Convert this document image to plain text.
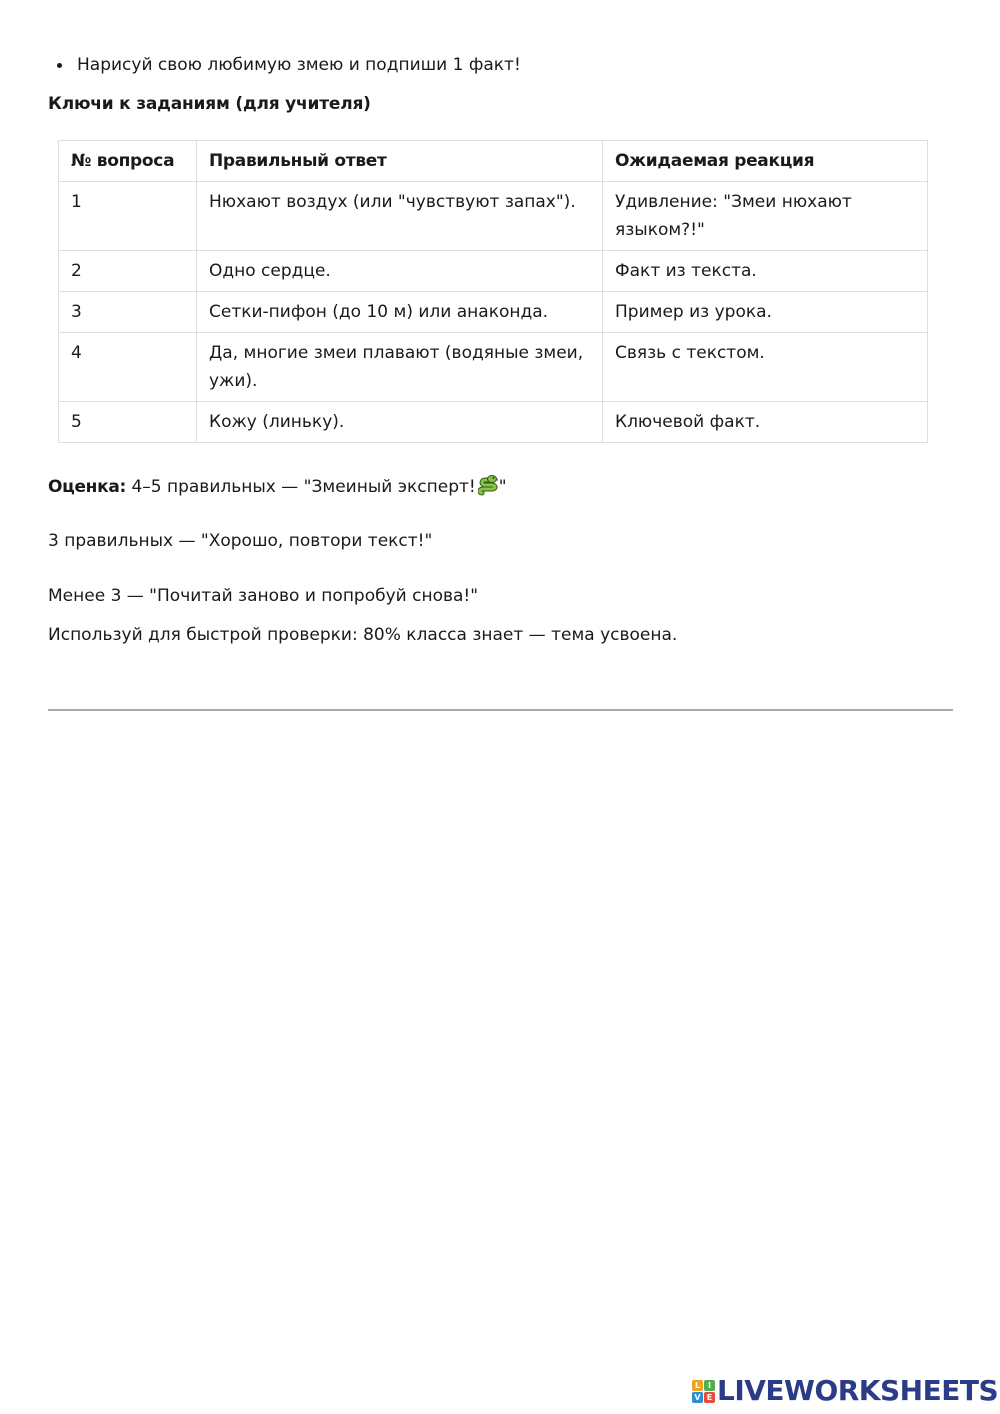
Нарисуй свою любимую змею и подпиши 1 факт!
Ключи к заданиям (для учителя)
№ вопроса	Правильный ответ	Ожидаемая реакция
1	Нюхают воздух (или "чувствуют запах").	Удивление: "Змеи нюхают языком?!"
2	Одно сердце.	Факт из текста.
3	Сетки-пифон (до 10 м) или анаконда.	Пример из урока.
4	Да, многие змеи плавают (водяные змеи, ужи).	Связь с текстом.
5	Кожу (линьку).	Ключевой факт.
Оценка: 4–5 правильных — "Змеиный эксперт! "
3 правильных — "Хорошо, повтори текст!"
Менее 3 — "Почитай заново и попробуй снова!"
Используй для быстрой проверки: 80% класса знает — тема усвоена.
L I
V E LIVEWORKSHEETS
